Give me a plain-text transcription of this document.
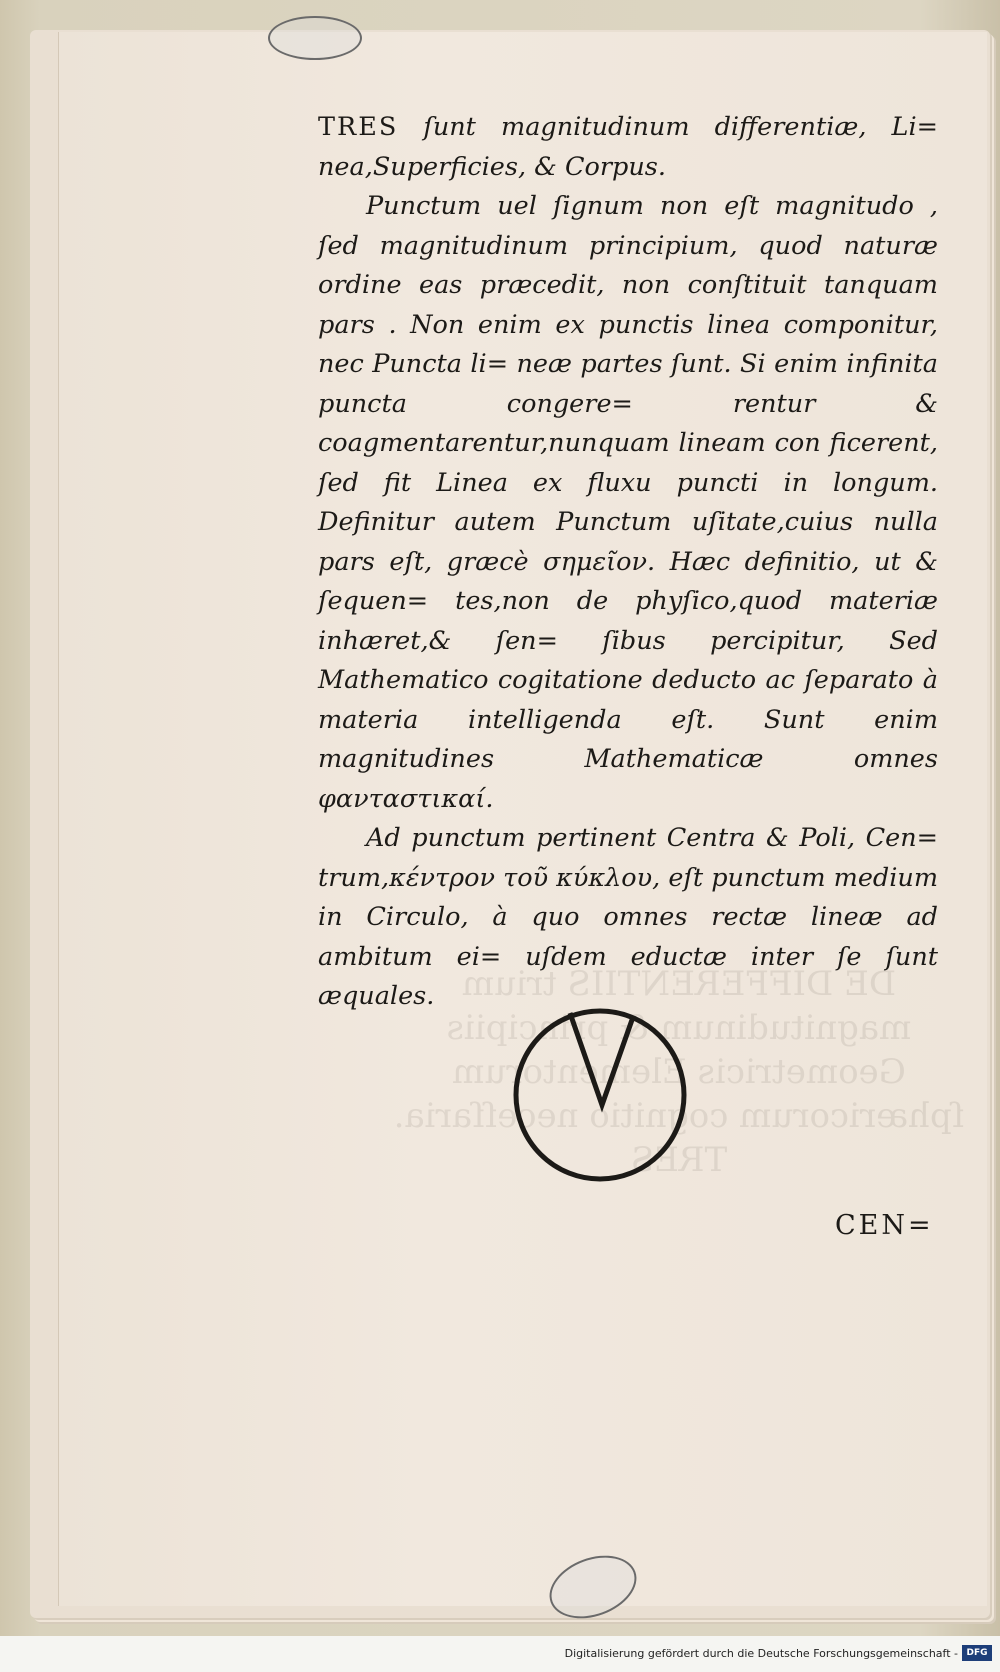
DE DIFFERENTIIS trium magnitudinum & principiis Geometricis Elementorum ſphæricorum cognitio neceſſaria. TRES

TRES ſunt magnitudinum differentiæ, Li= nea,Superficies, & Corpus.

Punctum uel ſignum non eſt magnitudo , ſed magnitudinum principium, quod naturæ ordine eas præcedit, non conſtituit tanquam pars . Non enim ex punctis linea componitur, nec Puncta li= neæ partes ſunt. Si enim infinita puncta congere= rentur & coagmentarentur,nunquam lineam con ficerent, ſed fit Linea ex fluxu puncti in longum. Definitur autem Punctum uſitate,cuius nulla pars eſt, græcè σημεῖον. Hæc definitio, ut & ſequen= tes,non de phyſico,quod materiæ inhæret,& ſen= ſibus percipitur, Sed Mathematico cogitatione deducto ac ſeparato à materia intelligenda eſt. Sunt enim magnitudines Mathematicæ omnes φανταστικαί.

Ad punctum pertinent Centra & Poli, Cen= trum,κέντρον τοῦ κύκλου, eſt punctum medium in Circulo, à quo omnes rectæ lineæ ad ambitum ei= uſdem eductæ inter ſe ſunt æquales.

CEN=
Digitalisierung gefördert durch die Deutsche Forschungsgemeinschaft - DFG
